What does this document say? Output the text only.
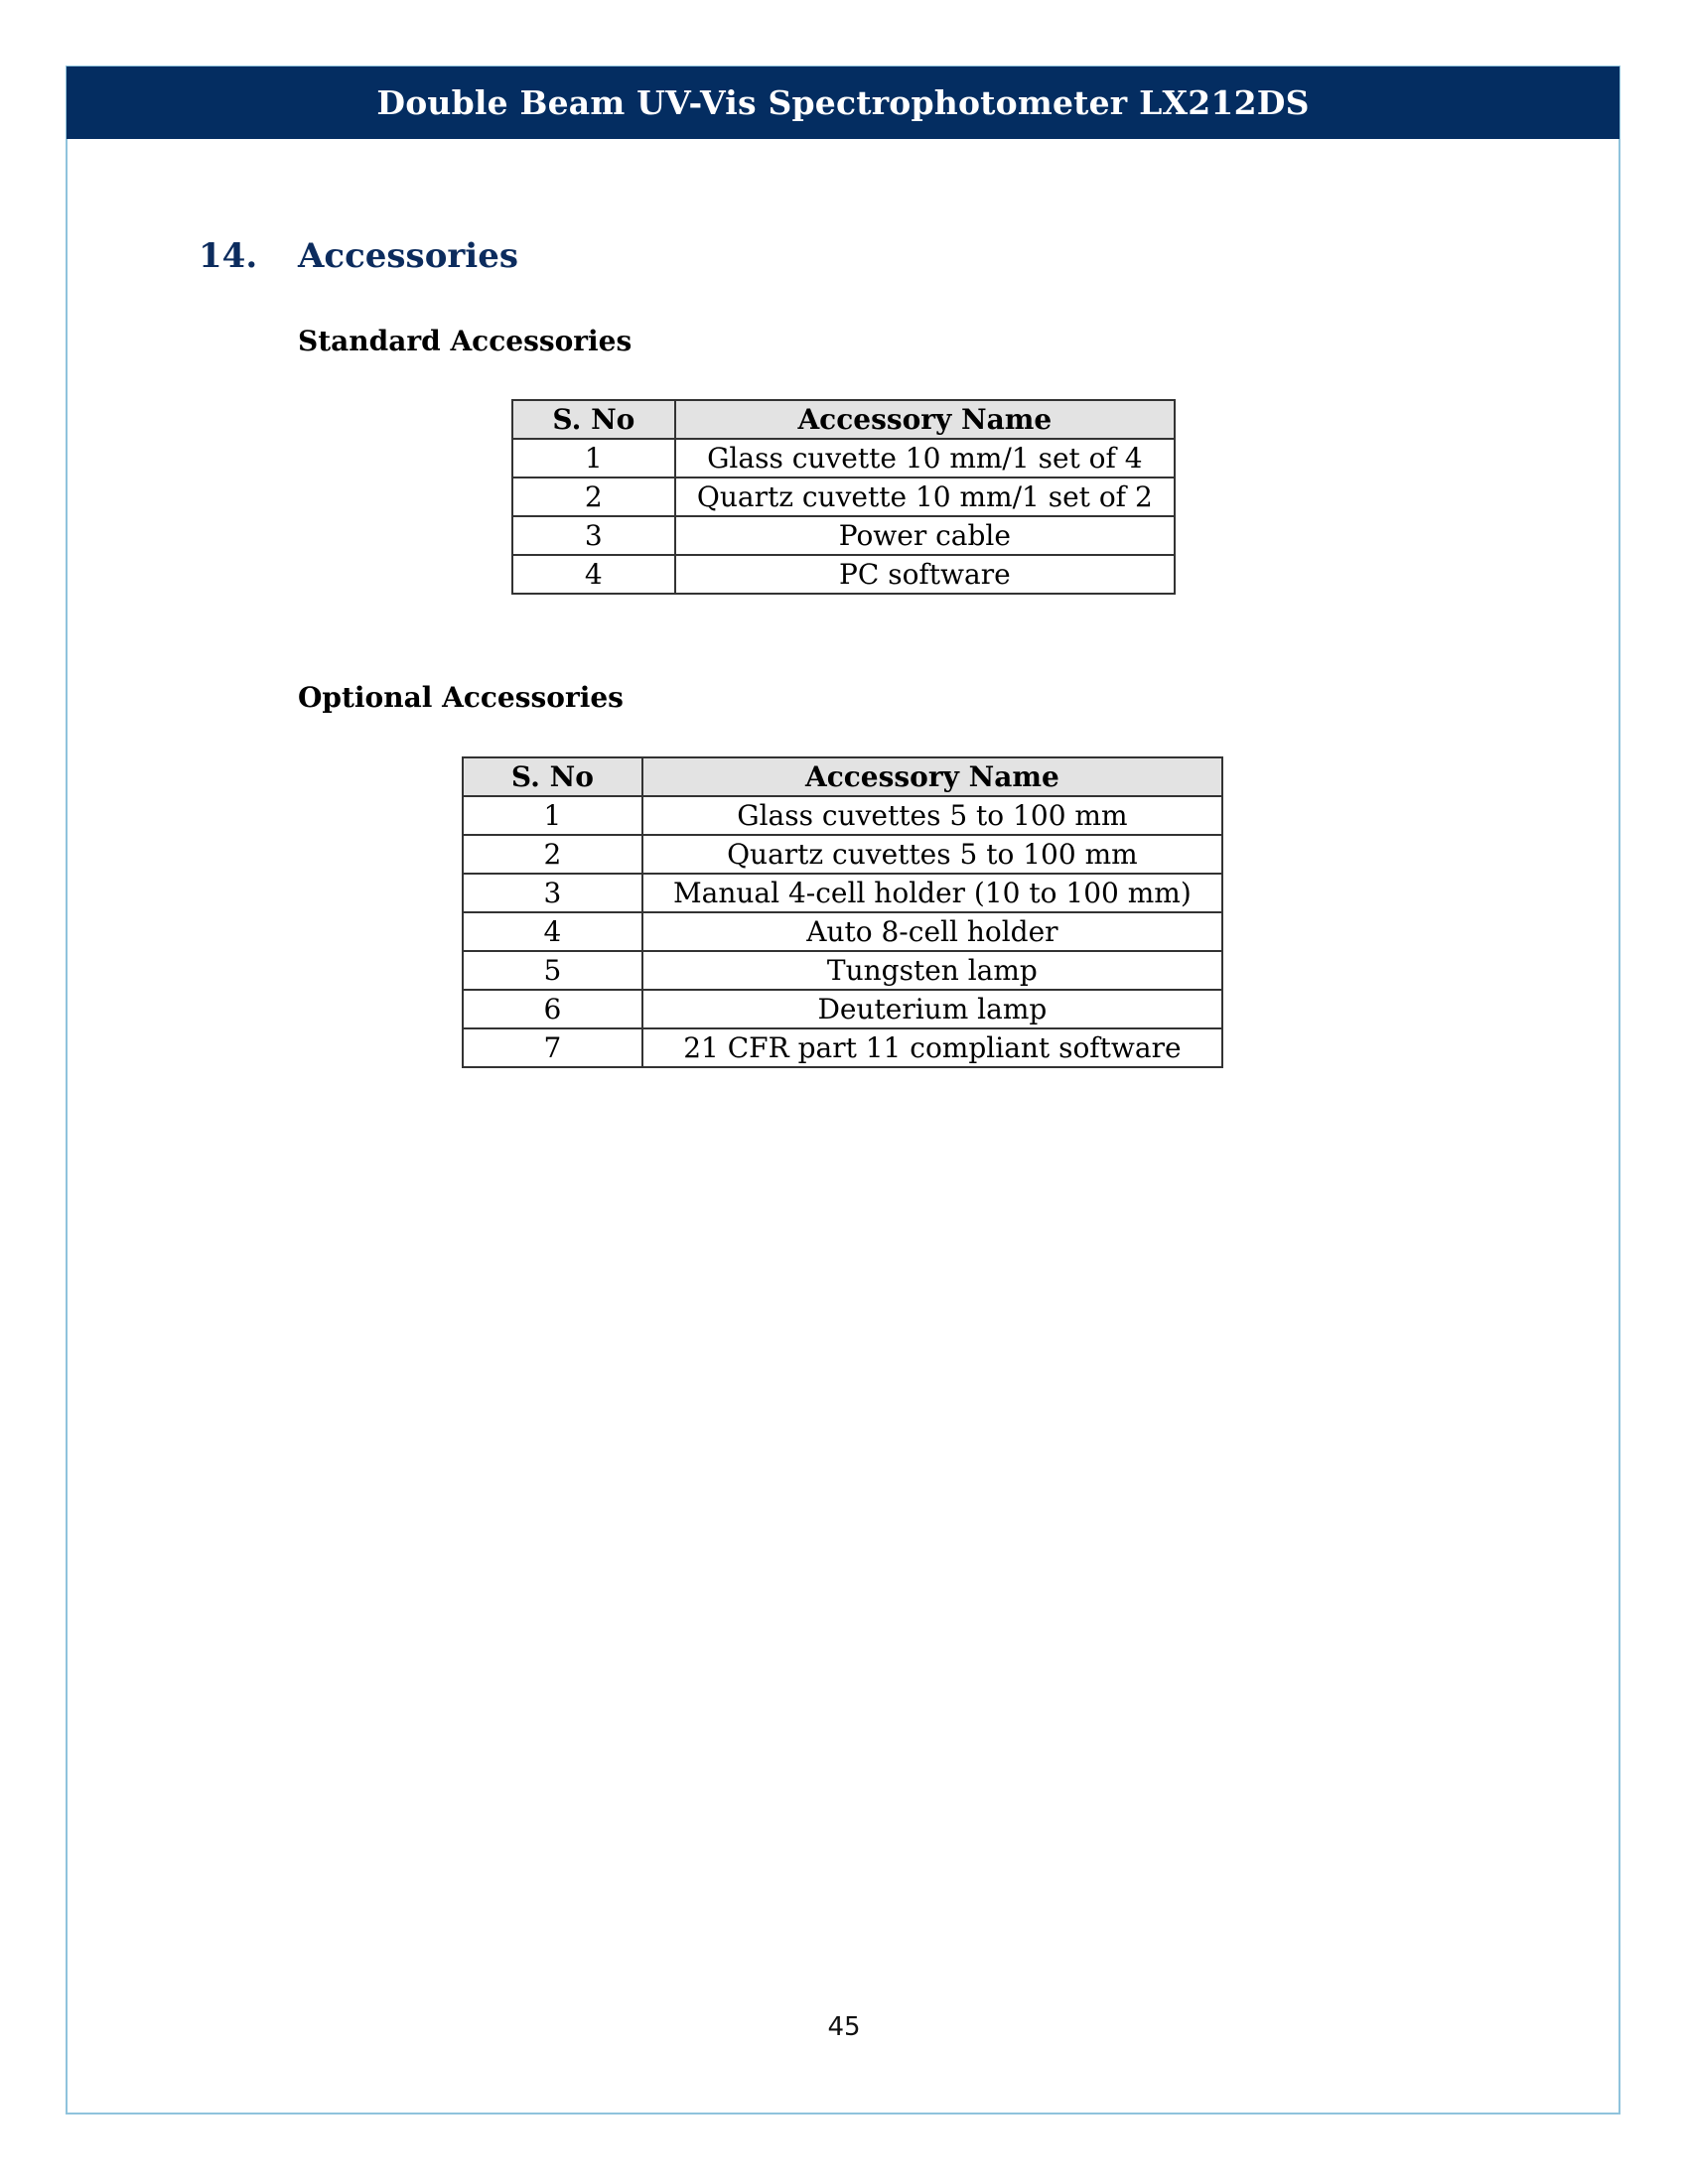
Double Beam UV-Vis Spectrophotometer LX212DS
14. Accessories
Standard Accessories
S. No	Accessory Name
1	Glass cuvette 10 mm/1 set of 4
2	Quartz cuvette 10 mm/1 set of 2
3	Power cable
4	PC software
Optional Accessories
S. No	Accessory Name
1	Glass cuvettes 5 to 100 mm
2	Quartz cuvettes 5 to 100 mm
3	Manual 4-cell holder (10 to 100 mm)
4	Auto 8-cell holder
5	Tungsten lamp
6	Deuterium lamp
7	21 CFR part 11 compliant software
45
